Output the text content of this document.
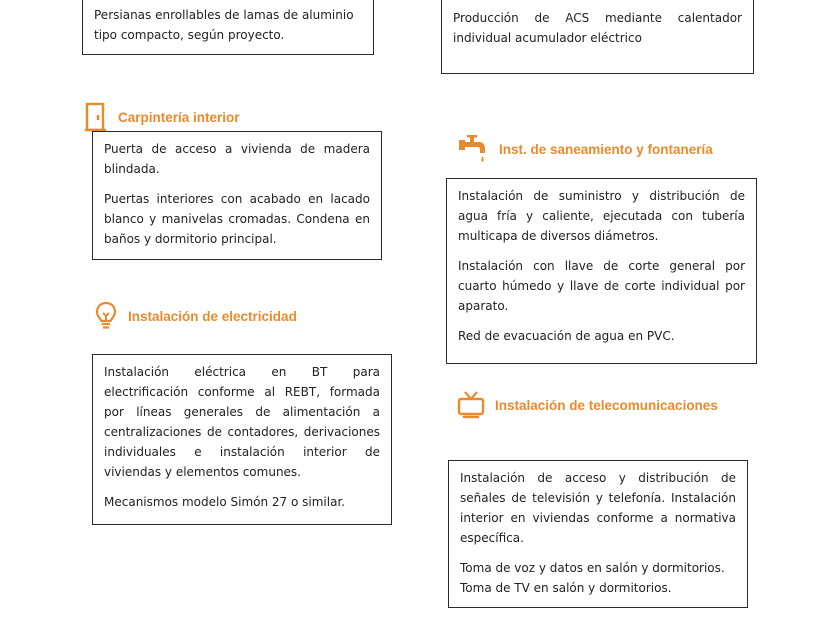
Persianas enrollables de lamas de aluminio tipo compacto, según proyecto.

Carpintería interior

Puerta de acceso a vivienda de madera blindada.

Puertas interiores con acabado en lacado blanco y manivelas cromadas. Condena en baños y dormitorio principal.

Instalación de electricidad

Instalación eléctrica en BT para electrificación conforme al REBT, formada por líneas generales de alimentación a centralizaciones de contadores, derivaciones individuales e instalación interior de viviendas y elementos comunes.

Mecanismos modelo Simón 27 o similar.

Producción de ACS mediante calentador individual acumulador eléctrico

Inst. de saneamiento y fontanería

Instalación de suministro y distribución de agua fría y caliente, ejecutada con tubería multicapa de diversos diámetros.

Instalación con llave de corte general por cuarto húmedo y llave de corte individual por aparato.

Red de evacuación de agua en PVC.

Instalación de telecomunicaciones

Instalación de acceso y distribución de señales de televisión y telefonía. Instalación interior en viviendas conforme a normativa específica.

Toma de voz y datos en salón y dormitorios. Toma de TV en salón y dormitorios.
